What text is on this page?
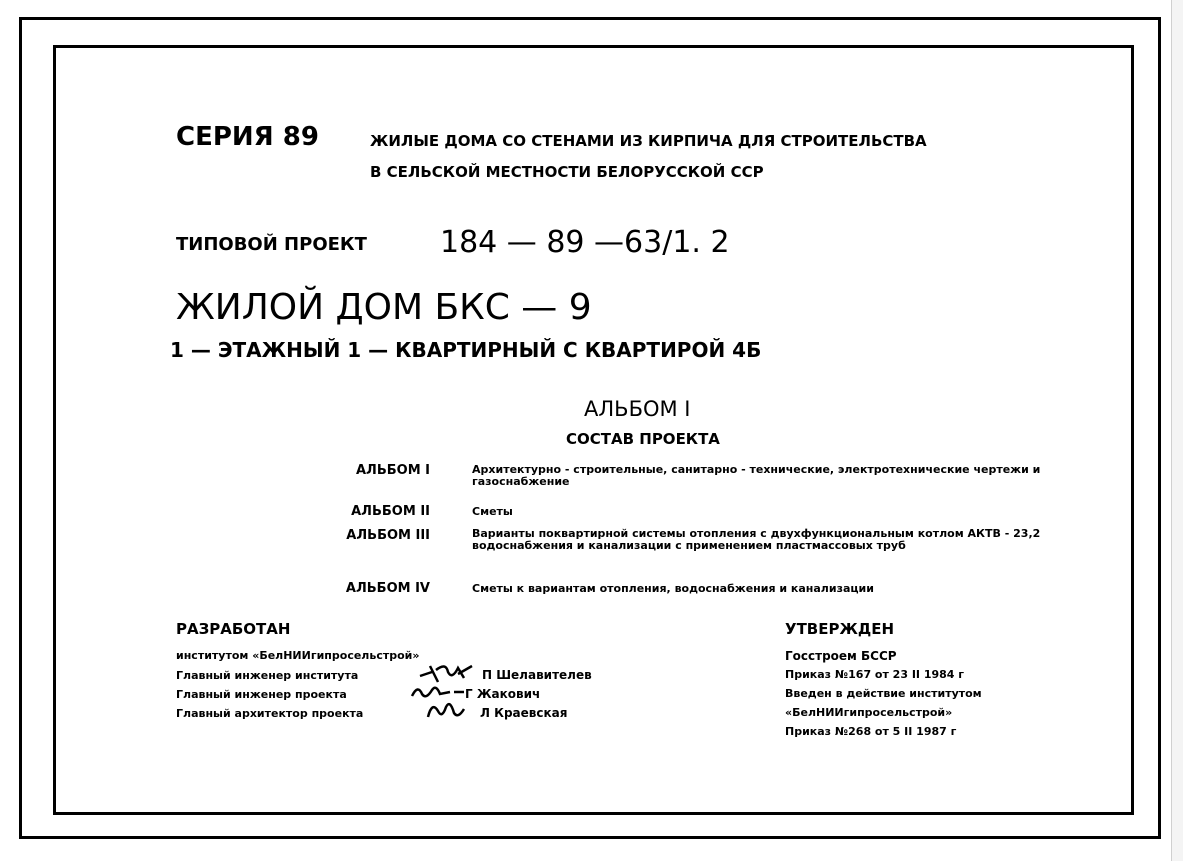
СЕРИЯ 89	ЖИЛЫЕ ДОМА СО СТЕНАМИ ИЗ КИРПИЧА ДЛЯ СТРОИТЕЛЬСТВА
В СЕЛЬСКОЙ МЕСТНОСТИ БЕЛОРУССКОЙ ССР
ТИПОВОЙ ПРОЕКТ 184 — 89 —63/1. 2
ЖИЛОЙ ДОМ БКС — 9
1 — ЭТАЖНЫЙ 1 — КВАРТИРНЫЙ С КВАРТИРОЙ 4Б
АЛЬБОМ I
СОСТАВ ПРОЕКТА
АЛЬБОМ I	Архитектурно - строительные, санитарно - технические, электротехнические чертежи и газоснабжение
АЛЬБОМ II	Сметы
АЛЬБОМ III	Варианты поквартирной системы отопления с двухфункциональным котлом АКТВ - 23,2 водоснабжения и канализации с применением пластмассовых труб
АЛЬБОМ IV	Сметы к вариантам отопления, водоснабжения и канализации
РАЗРАБОТАН
институтом «БелНИИгипросельстрой»
Главный инженер института	П Шелавителев
Главный инженер проекта	Г Жакович
Главный архитектор проекта	Л Краевская
УТВЕРЖДЕН
Госстроем БССР
Приказ №167 от 23 II 1984 г
Введен в действие институтом
«БелНИИгипросельстрой»
Приказ №268 от 5 II 1987 г
